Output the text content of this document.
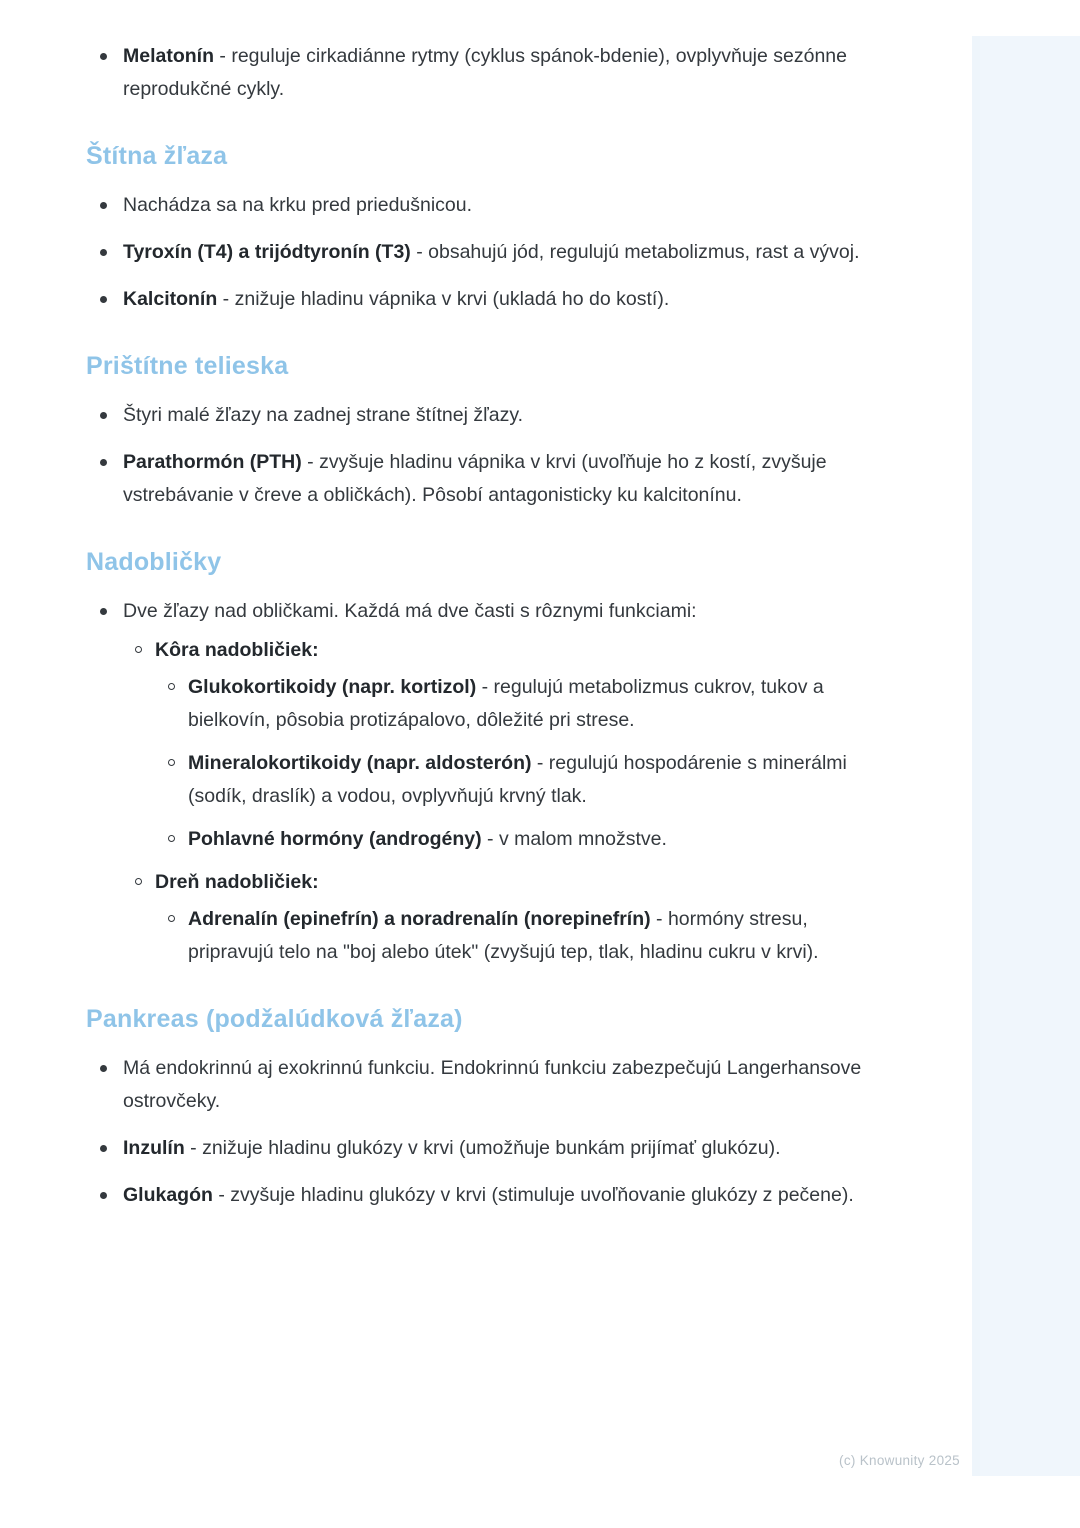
Melatonín - reguluje cirkadiánne rytmy (cyklus spánok-bdenie), ovplyvňuje sezónne reprodukčné cykly.
Štítna žľaza
Nachádza sa na krku pred priedušnicou.
Tyroxín (T4) a trijódtyronín (T3) - obsahujú jód, regulujú metabolizmus, rast a vývoj.
Kalcitonín - znižuje hladinu vápnika v krvi (ukladá ho do kostí).
Prištítne telieska
Štyri malé žľazy na zadnej strane štítnej žľazy.
Parathormón (PTH) - zvyšuje hladinu vápnika v krvi (uvoľňuje ho z kostí, zvyšuje vstrebávanie v čreve a obličkách). Pôsobí antagonisticky ku kalcitonínu.
Nadobličky
Dve žľazy nad obličkami. Každá má dve časti s rôznymi funkciami:
Kôra nadobličiek:
Glukokortikoidy (napr. kortizol) - regulujú metabolizmus cukrov, tukov a bielkovín, pôsobia protizápalovo, dôležité pri strese.
Mineralokortikoidy (napr. aldosterón) - regulujú hospodárenie s minerálmi (sodík, draslík) a vodou, ovplyvňujú krvný tlak.
Pohlavné hormóny (androgény) - v malom množstve.
Dreň nadobličiek:
Adrenalín (epinefrín) a noradrenalín (norepinefrín) - hormóny stresu, pripravujú telo na "boj alebo útek" (zvyšujú tep, tlak, hladinu cukru v krvi).
Pankreas (podžalúdková žľaza)
Má endokrinnú aj exokrinnú funkciu. Endokrinnú funkciu zabezpečujú Langerhansove ostrovčeky.
Inzulín - znižuje hladinu glukózy v krvi (umožňuje bunkám prijímať glukózu).
Glukagón - zvyšuje hladinu glukózy v krvi (stimuluje uvoľňovanie glukózy z pečene).
(c) Knowunity 2025
